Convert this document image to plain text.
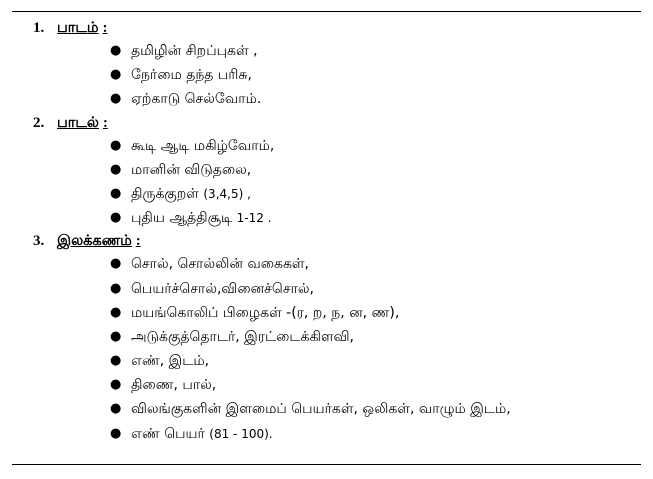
1. பாடம் :
● தமிழின் சிறப்புகள் ,
● நேர்மை தந்த பரிசு,
● ஏற்காடு செல்வோம்.
2. பாடல் :
● கூடி ஆடி மகிழ்வோம்,
● மானின் விடுதலை,
● திருக்குறள் (3,4,5) ,
● புதிய ஆத்திசூடி 1-12 .
3. இலக்கணம் :
● சொல், சொல்லின் வகைகள்,
● பெயர்ச்சொல்,வினைச்சொல்,
● மயங்கொலிப் பிழைகள் -(ர, ற, ந, ன, ண),
● அடுக்குத்தொடர், இரட்டைக்கிளவி,
● எண், இடம்,
● திணை, பால்,
● விலங்குகளின் இளமைப் பெயர்கள், ஒலிகள், வாழும் இடம்,
● எண் பெயர் (81 - 100).
